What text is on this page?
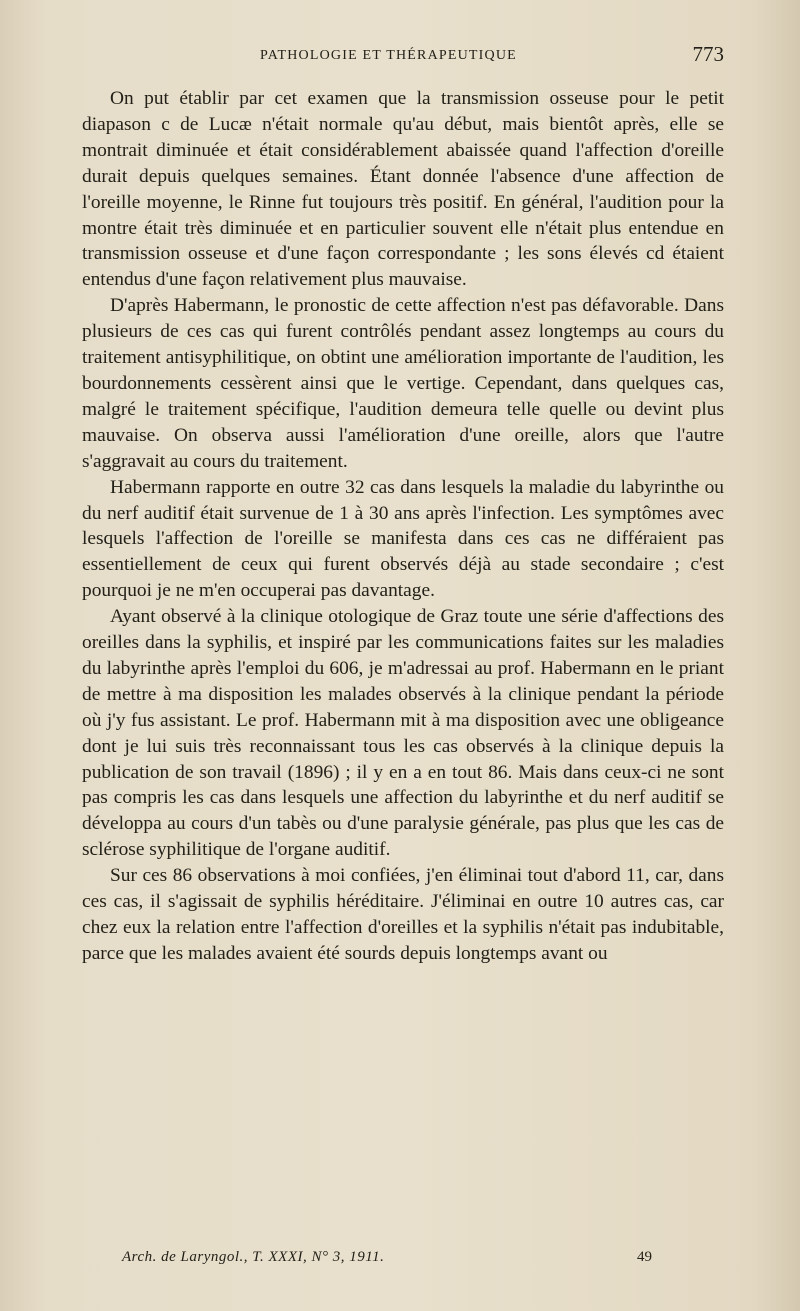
PATHOLOGIE ET THÉRAPEUTIQUE	773

On put établir par cet examen que la transmission osseuse pour le petit diapason c de Lucæ n'était normale qu'au début, mais bientôt après, elle se montrait diminuée et était considérablement abaissée quand l'affection d'oreille durait depuis quelques semaines. Étant donnée l'absence d'une affection de l'oreille moyenne, le Rinne fut toujours très positif. En général, l'audition pour la montre était très diminuée et en particulier souvent elle n'était plus entendue en transmission osseuse et d'une façon correspondante ; les sons élevés cd étaient entendus d'une façon relativement plus mauvaise.

D'après Habermann, le pronostic de cette affection n'est pas défavorable. Dans plusieurs de ces cas qui furent contrôlés pendant assez longtemps au cours du traitement antisyphilitique, on obtint une amélioration importante de l'audition, les bourdonnements cessèrent ainsi que le vertige. Cependant, dans quelques cas, malgré le traitement spécifique, l'audition demeura telle quelle ou devint plus mauvaise. On observa aussi l'amélioration d'une oreille, alors que l'autre s'aggravait au cours du traitement.

Habermann rapporte en outre 32 cas dans lesquels la maladie du labyrinthe ou du nerf auditif était survenue de 1 à 30 ans après l'infection. Les symptômes avec lesquels l'affection de l'oreille se manifesta dans ces cas ne différaient pas essentiellement de ceux qui furent observés déjà au stade secondaire ; c'est pourquoi je ne m'en occuperai pas davantage.

Ayant observé à la clinique otologique de Graz toute une série d'affections des oreilles dans la syphilis, et inspiré par les communications faites sur les maladies du labyrinthe après l'emploi du 606, je m'adressai au prof. Habermann en le priant de mettre à ma disposition les malades observés à la clinique pendant la période où j'y fus assistant. Le prof. Habermann mit à ma disposition avec une obligeance dont je lui suis très reconnaissant tous les cas observés à la clinique depuis la publication de son travail (1896) ; il y en a en tout 86. Mais dans ceux-ci ne sont pas compris les cas dans lesquels une affection du labyrinthe et du nerf auditif se développa au cours d'un tabès ou d'une paralysie générale, pas plus que les cas de sclérose syphilitique de l'organe auditif.

Sur ces 86 observations à moi confiées, j'en éliminai tout d'abord 11, car, dans ces cas, il s'agissait de syphilis héréditaire. J'éliminai en outre 10 autres cas, car chez eux la relation entre l'affection d'oreilles et la syphilis n'était pas indubitable, parce que les malades avaient été sourds depuis longtemps avant ou

Arch. de Laryngol., T. XXXI, N° 3, 1911.	49
